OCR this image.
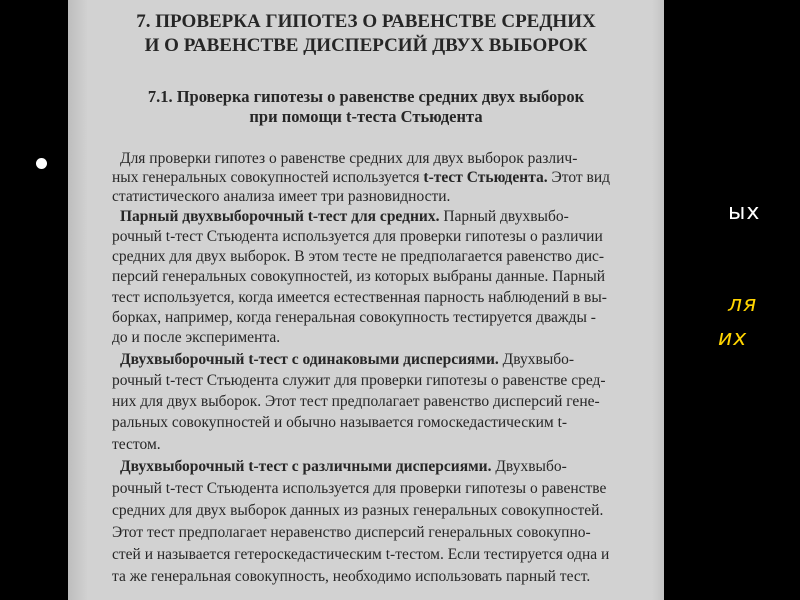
ых
ля
их
7. ПРОВЕРКА ГИПОТЕЗ О РАВЕНСТВЕ СРЕДНИХ
И О РАВЕНСТВЕ ДИСПЕРСИЙ ДВУХ ВЫБОРОК
7.1. Проверка гипотезы о равенстве средних двух выборок
при помощи t-теста Стьюдента
Для проверки гипотез о равенстве средних для двух выборок различ-
ных генеральных совокупностей используется t-тест Стьюдента. Этот вид
статистического анализа имеет три разновидности.
Парный двухвыборочный t-тест для средних. Парный двухвыбо-
рочный t-тест Стьюдента используется для проверки гипотезы о различии
средних для двух выборок. В этом тесте не предполагается равенство дис-
персий генеральных совокупностей, из которых выбраны данные. Парный
тест используется, когда имеется естественная парность наблюдений в вы-
борках, например, когда генеральная совокупность тестируется дважды -
до и после эксперимента.
Двухвыборочный t-тест с одинаковыми дисперсиями. Двухвыбо-
рочный t-тест Стьюдента служит для проверки гипотезы о равенстве сред-
них для двух выборок. Этот тест предполагает равенство дисперсий гене-
ральных совокупностей и обычно называется гомоскедастическим t-
тестом.
Двухвыборочный t-тест с различными дисперсиями. Двухвыбо-
рочный t-тест Стьюдента используется для проверки гипотезы о равенстве
средних для двух выборок данных из разных генеральных совокупностей.
Этот тест предполагает неравенство дисперсий генеральных совокупно-
стей и называется гетероскедастическим t-тестом. Если тестируется одна и
та же генеральная совокупность, необходимо использовать парный тест.
